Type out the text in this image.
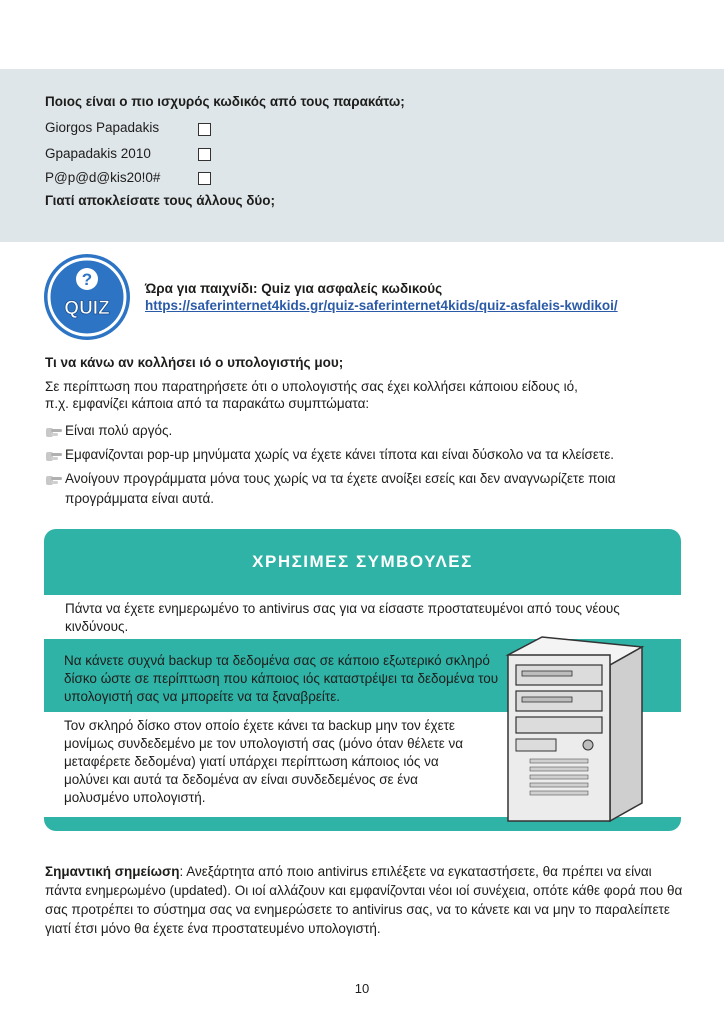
Ποιος είναι ο πιο ισχυρός κωδικός από τους παρακάτω;
Giorgos Papadakis
Gpapadakis 2010
P@p@d@kis20!0#
Γιατί αποκλείσατε τους άλλους δύο;
?
QUIZ
Ώρα για παιχνίδι: Quiz για ασφαλείς κωδικούς
https://saferinternet4kids.gr/quiz-saferinternet4kids/quiz-asfaleis-kwdikoi/
Τι να κάνω αν κολλήσει ιό ο υπολογιστής μου;
Σε περίπτωση που παρατηρήσετε ότι ο υπολογιστής σας έχει κολλήσει κάποιου είδους ιό,
π.χ. εμφανίζει κάποια από τα παρακάτω συμπτώματα:
Είναι πολύ αργός.
Εμφανίζονται pop-up μηνύματα χωρίς να έχετε κάνει τίποτα και είναι δύσκολο να τα κλείσετε.
Ανοίγουν προγράμματα μόνα τους χωρίς να τα έχετε ανοίξει εσείς και δεν αναγνωρίζετε ποια προγράμματα είναι αυτά.
ΧΡΗΣΙΜΕΣ ΣΥΜΒΟΥΛΕΣ
Πάντα να έχετε ενημερωμένο το antivirus σας για να είσαστε προστατευμένοι από τους νέους κινδύνους.
Τον σκληρό δίσκο στον οποίο έχετε κάνει τα backup μην τον έχετε μονίμως συνδεδεμένο με τον υπολογιστή σας (μόνο όταν θέλετε να μεταφέρετε δεδομένα) γιατί υπάρχει περίπτωση κάποιος ιός να μολύνει και αυτά τα δεδομένα αν είναι συνδεδεμένος σε ένα μολυσμένο υπολογιστή.
Να κάνετε συχνά backup τα δεδομένα σας σε κάποιο εξωτερικό σκληρό δίσκο ώστε σε περίπτωση που κάποιος ιός καταστρέψει τα δεδομένα του υπολογιστή σας να μπορείτε να τα ξαναβρείτε.
Σημαντική σημείωση: Ανεξάρτητα από ποιο antivirus επιλέξετε να εγκαταστήσετε, θα πρέπει να είναι πάντα ενημερωμένο (updated). Οι ιοί αλλάζουν και εμφανίζονται νέοι ιοί συνέχεια, οπότε κάθε φορά που θα σας προτρέπει το σύστημα σας να ενημερώσετε το antivirus σας, να το κάνετε και να μην το παραλείπετε γιατί έτσι μόνο θα έχετε ένα προστατευμένο υπολογιστή.
10
